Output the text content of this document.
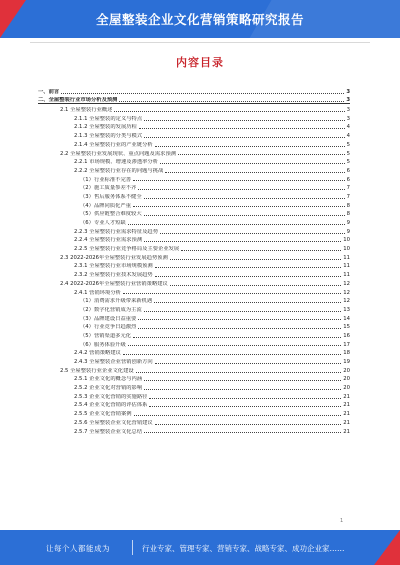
全屋整装企业文化营销策略研究报告
内容目录
一、前言	3
二、全屋整装行业市场分析及预测	3
2.1 全屋整装行业概述	3
2.1.1 全屋整装的定义与特点	3
2.1.2 全屋整装的发展历程	4
2.1.3 全屋整装的分类与模式	4
2.1.4 全屋整装行业的产业链分析	5
2.2 全屋整装行业发展现状、重点问题及需求预测	5
2.2.1 市场规模、增速及渗透率分析	5
2.2.2 全屋整装行业存在的问题与挑战	6
（1）行业标准不完善	6
（2）施工质量参差不齐	7
（3）售后服务体系不健全	7
（4）品牌同质化严重	8
（5）供应链整合难度较大	8
（6）专业人才短缺	9
2.2.3 全屋整装行业需求特征及趋势	9
2.2.4 全屋整装行业需求预测	10
2.2.5 全屋整装行业竞争格局及主要企业发展	10
2.3 2022-2026年全屋整装行业发展趋势预测	11
2.3.1 全屋整装行业市场规模预测	11
2.3.2 全屋整装行业技术发展趋势	11
2.4 2022-2026年全屋整装行业营销策略建议	12
2.4.1 营销环境分析	12
（1）消费需求升级带来新机遇	12
（2）数字化营销成为主流	13
（3）品牌建设日益重要	14
（4）行业竞争日趋激烈	15
（5）营销渠道多元化	16
（6）服务体验升级	17
2.4.2 营销策略建议	18
2.4.3 全屋整装企业营销创新方向	19
2.5 全屋整装行业企业文化建设	20
2.5.1 企业文化的概念与内涵	20
2.5.2 企业文化对营销的影响	20
2.5.3 企业文化营销的实施路径	21
2.5.4 企业文化营销的评估体系	21
2.5.5 企业文化营销案例	21
2.5.6 全屋整装企业文化营销建议	21
2.5.7 全屋整装企业文化总结	21
1
让每个人都能成为	行业专家、管理专家、营销专家、战略专家、成功企业家……
